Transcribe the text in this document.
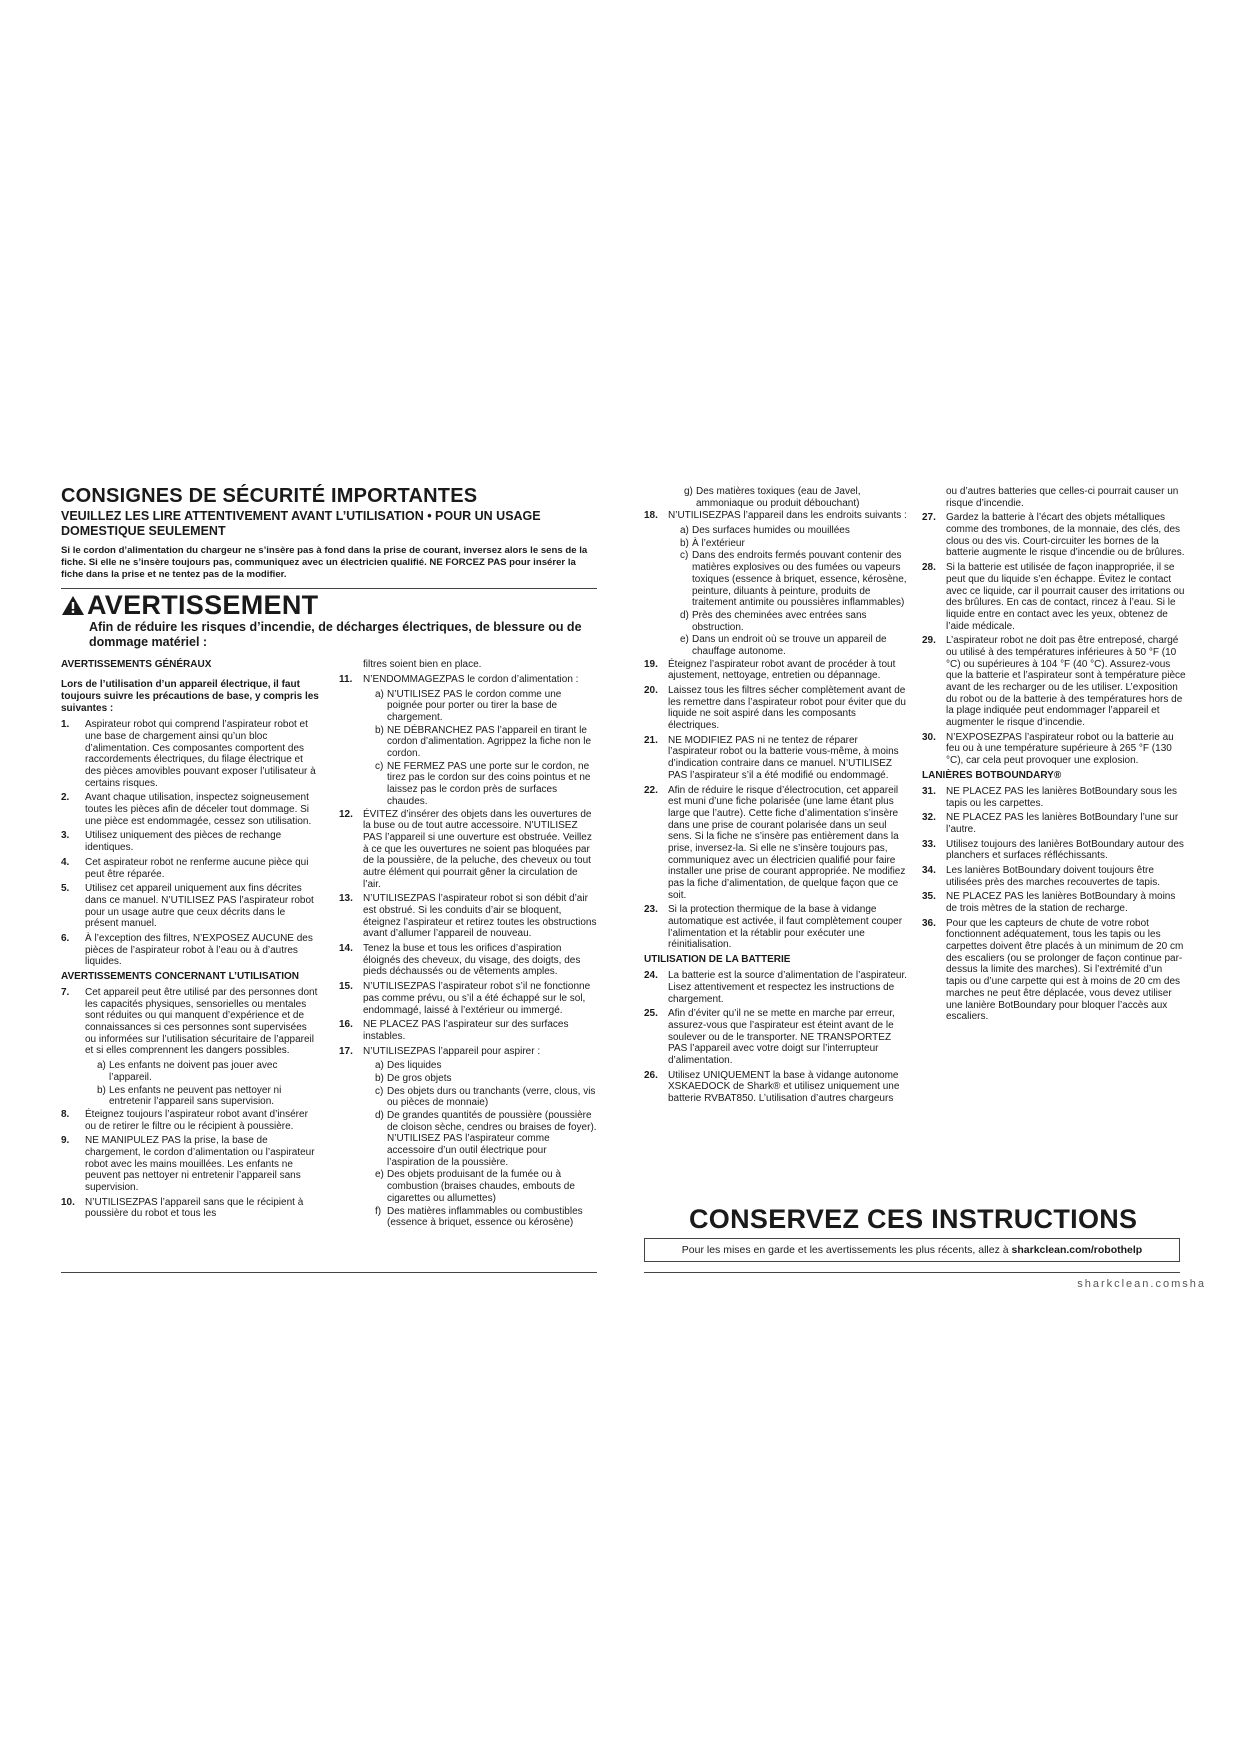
CONSIGNES DE SÉCURITÉ IMPORTANTES
VEUILLEZ LES LIRE ATTENTIVEMENT AVANT L’UTILISATION • POUR UN USAGE DOMESTIQUE SEULEMENT
Si le cordon d’alimentation du chargeur ne s’insère pas à fond dans la prise de courant, inversez alors le sens de la fiche. Si elle ne s’insère toujours pas, communiquez avec un électricien qualifié. NE FORCEZ PAS pour insérer la fiche dans la prise et ne tentez pas de la modifier.
AVERTISSEMENT
Afin de réduire les risques d’incendie, de décharges électriques, de blessure ou de dommage matériel :
AVERTISSEMENTS GÉNÉRAUX
Lors de l’utilisation d’un appareil électrique, il faut toujours suivre les précautions de base, y compris les suivantes :
1.	Aspirateur robot qui comprend l’aspirateur robot et une base de chargement ainsi qu’un bloc d’alimentation. Ces composantes comportent des raccordements électriques, du filage électrique et des pièces amovibles pouvant exposer l’utilisateur à certains risques.
2.	Avant chaque utilisation, inspectez soigneusement toutes les pièces afin de déceler tout dommage. Si une pièce est endommagée, cessez son utilisation.
3.	Utilisez uniquement des pièces de rechange identiques.
4.	Cet aspirateur robot ne renferme aucune pièce qui peut être réparée.
5.	Utilisez cet appareil uniquement aux fins décrites dans ce manuel. N’UTILISEZ PAS l’aspirateur robot pour un usage autre que ceux décrits dans le présent manuel.
6.	À l’exception des filtres, N’EXPOSEZ AUCUNE des pièces de l’aspirateur robot à l’eau ou à d’autres liquides.
AVERTISSEMENTS CONCERNANT L’UTILISATION
7.	Cet appareil peut être utilisé par des personnes dont les capacités physiques, sensorielles ou mentales sont réduites ou qui manquent d’expérience et de connaissances si ces personnes sont supervisées ou informées sur l’utilisation sécuritaire de l’appareil et si elles comprennent les dangers possibles.
a) Les enfants ne doivent pas jouer avec l’appareil.
b) Les enfants ne peuvent pas nettoyer ni entretenir l’appareil sans supervision.
8.	Éteignez toujours l’aspirateur robot avant d’insérer ou de retirer le filtre ou le récipient à poussière.
9.	NE MANIPULEZ PAS la prise, la base de chargement, le cordon d’alimentation ou l’aspirateur robot avec les mains mouillées. Les enfants ne peuvent pas nettoyer ni entretenir l’appareil sans supervision.
10.	N’UTILISEZPAS l’appareil sans que le récipient à poussière du robot et tous les
filtres soient bien en place.
11.	N’ENDOMMAGEZPAS le cordon d’alimentation :
a) N’UTILISEZ PAS le cordon comme une poignée pour porter ou tirer la base de chargement.
b) NE DÉBRANCHEZ PAS l’appareil en tirant le cordon d’alimentation. Agrippez la fiche non le cordon.
c) NE FERMEZ PAS une porte sur le cordon, ne tirez pas le cordon sur des coins pointus et ne laissez pas le cordon près de surfaces chaudes.
12.	ÉVITEZ d’insérer des objets dans les ouvertures de la buse ou de tout autre accessoire. N’UTILISEZ PAS l’appareil si une ouverture est obstruée. Veillez à ce que les ouvertures ne soient pas bloquées par de la poussière, de la peluche, des cheveux ou tout autre élément qui pourrait gêner la circulation de l’air.
13.	N’UTILISEZPAS l’aspirateur robot si son débit d’air est obstrué. Si les conduits d’air se bloquent, éteignez l’aspirateur et retirez toutes les obstructions avant d’allumer l’appareil de nouveau.
14.	Tenez la buse et tous les orifices d’aspiration éloignés des cheveux, du visage, des doigts, des pieds déchaussés ou de vêtements amples.
15.	N’UTILISEZPAS l’aspirateur robot s’il ne fonctionne pas comme prévu, ou s’il a été échappé sur le sol, endommagé, laissé à l’extérieur ou immergé.
16.	NE PLACEZ PAS l’aspirateur sur des surfaces instables.
17.	N’UTILISEZPAS l’appareil pour aspirer :
a) Des liquides
b) De gros objets
c) Des objets durs ou tranchants (verre, clous, vis ou pièces de monnaie)
d) De grandes quantités de poussière (poussière de cloison sèche, cendres ou braises de foyer). N’UTILISEZ PAS l’aspirateur comme accessoire d’un outil électrique pour l’aspiration de la poussière.
e) Des objets produisant de la fumée ou à combustion (braises chaudes, embouts de cigarettes ou allumettes)
f) Des matières inflammables ou combustibles (essence à briquet, essence ou kérosène)
g) Des matières toxiques (eau de Javel, ammoniaque ou produit débouchant)
18.	N’UTILISEZPAS l’appareil dans les endroits suivants :
a) Des surfaces humides ou mouillées
b) À l’extérieur
c) Dans des endroits fermés pouvant contenir des matières explosives ou des fumées ou vapeurs toxiques (essence à briquet, essence, kérosène, peinture, diluants à peinture, produits de traitement antimite ou poussières inflammables)
d) Près des cheminées avec entrées sans obstruction.
e) Dans un endroit où se trouve un appareil de chauffage autonome.
19.	Éteignez l’aspirateur robot avant de procéder à tout ajustement, nettoyage, entretien ou dépannage.
20.	Laissez tous les filtres sécher complètement avant de les remettre dans l’aspirateur robot pour éviter que du liquide ne soit aspiré dans les composants électriques.
21.	NE MODIFIEZ PAS ni ne tentez de réparer l’aspirateur robot ou la batterie vous-même, à moins d’indication contraire dans ce manuel. N’UTILISEZ PAS l’aspirateur s’il a été modifié ou endommagé.
22.	Afin de réduire le risque d’électrocution, cet appareil est muni d’une fiche polarisée (une lame étant plus large que l’autre). Cette fiche d’alimentation s’insère dans une prise de courant polarisée dans un seul sens. Si la fiche ne s’insère pas entièrement dans la prise, inversez-la. Si elle ne s’insère toujours pas, communiquez avec un électricien qualifié pour faire installer une prise de courant appropriée. Ne modifiez pas la fiche d’alimentation, de quelque façon que ce soit.
23.	Si la protection thermique de la base à vidange automatique est activée, il faut complètement couper l’alimentation et la rétablir pour exécuter une réinitialisation.
UTILISATION DE LA BATTERIE
24.	La batterie est la source d’alimentation de l’aspirateur. Lisez attentivement et respectez les instructions de chargement.
25.	Afin d’éviter qu’il ne se mette en marche par erreur, assurez-vous que l’aspirateur est éteint avant de le soulever ou de le transporter. NE TRANSPORTEZ PAS l’appareil avec votre doigt sur l’interrupteur d’alimentation.
26.	Utilisez UNIQUEMENT la base à vidange autonome XSKAEDOCK de Shark® et utilisez uniquement une batterie RVBAT850. L’utilisation d’autres chargeurs
ou d’autres batteries que celles-ci pourrait causer un risque d’incendie.
27.	Gardez la batterie à l’écart des objets métalliques comme des trombones, de la monnaie, des clés, des clous ou des vis. Court-circuiter les bornes de la batterie augmente le risque d’incendie ou de brûlures.
28.	Si la batterie est utilisée de façon inappropriée, il se peut que du liquide s’en échappe. Évitez le contact avec ce liquide, car il pourrait causer des irritations ou des brûlures. En cas de contact, rincez à l’eau. Si le liquide entre en contact avec les yeux, obtenez de l’aide médicale.
29.	L’aspirateur robot ne doit pas être entreposé, chargé ou utilisé à des températures inférieures à 50 °F (10 °C) ou supérieures à 104 °F (40 °C). Assurez-vous que la batterie et l’aspirateur sont à température pièce avant de les recharger ou de les utiliser. L’exposition du robot ou de la batterie à des températures hors de la plage indiquée peut endommager l’appareil et augmenter le risque d’incendie.
30.	N’EXPOSEZPAS l’aspirateur robot ou la batterie au feu ou à une température supérieure à 265 °F (130 °C), car cela peut provoquer une explosion.
LANIÈRES BOTBOUNDARY®
31.	NE PLACEZ PAS les lanières BotBoundary sous les tapis ou les carpettes.
32.	NE PLACEZ PAS les lanières BotBoundary l’une sur l’autre.
33.	Utilisez toujours des lanières BotBoundary autour des planchers et surfaces réfléchissants.
34.	Les lanières BotBoundary doivent toujours être utilisées près des marches recouvertes de tapis.
35.	NE PLACEZ PAS les lanières BotBoundary à moins de trois mètres de la station de recharge.
36.	Pour que les capteurs de chute de votre robot fonctionnent adéquatement, tous les tapis ou les carpettes doivent être placés à un minimum de 20 cm des escaliers (ou se prolonger de façon continue par-dessus la limite des marches). Si l’extrémité d’un tapis ou d’une carpette qui est à moins de 20 cm des marches ne peut être déplacée, vous devez utiliser une lanière BotBoundary pour bloquer l’accès aux escaliers.
CONSERVEZ CES INSTRUCTIONS
Pour les mises en garde et les avertissements les plus récents, allez à
sharkclean.com/robothelp
sharkclean.comsha
